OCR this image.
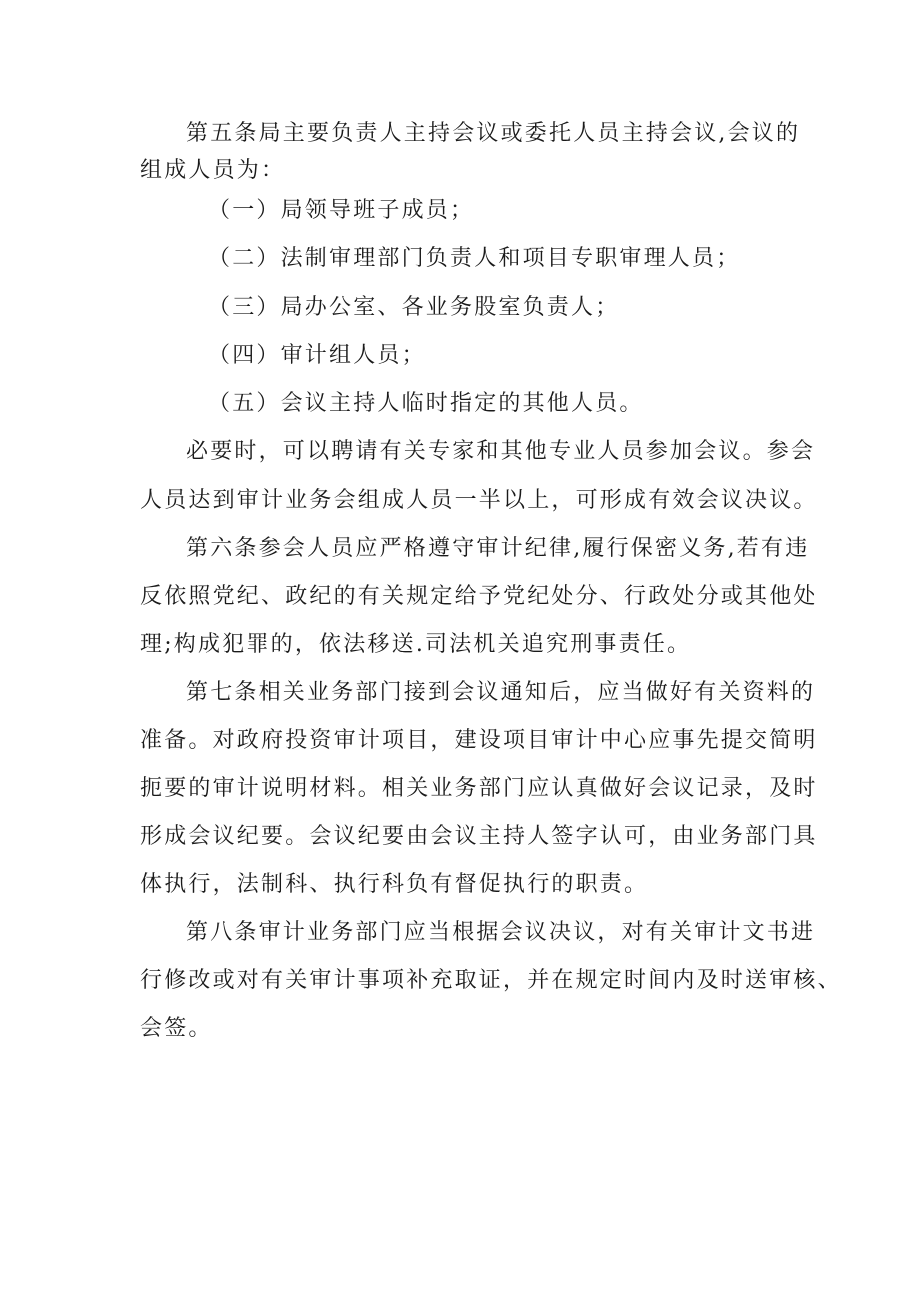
第五条局主要负责人主持会议或委托人员主持会议,会议的
组成人员为：
（一）局领导班子成员；
（二）法制审理部门负责人和项目专职审理人员；
（三）局办公室、各业务股室负责人；
（四）审计组人员；
（五）会议主持人临时指定的其他人员。
必要时，可以聘请有关专家和其他专业人员参加会议。参会
人员达到审计业务会组成人员一半以上，可形成有效会议决议。
第六条参会人员应严格遵守审计纪律,履行保密义务,若有违
反依照党纪、政纪的有关规定给予党纪处分、行政处分或其他处
理;构成犯罪的，依法移送.司法机关追究刑事责任。
第七条相关业务部门接到会议通知后，应当做好有关资料的
准备。对政府投资审计项目，建设项目审计中心应事先提交简明
扼要的审计说明材料。相关业务部门应认真做好会议记录，及时
形成会议纪要。会议纪要由会议主持人签字认可，由业务部门具
体执行，法制科、执行科负有督促执行的职责。
第八条审计业务部门应当根据会议决议，对有关审计文书进
行修改或对有关审计事项补充取证，并在规定时间内及时送审核、
会签。
